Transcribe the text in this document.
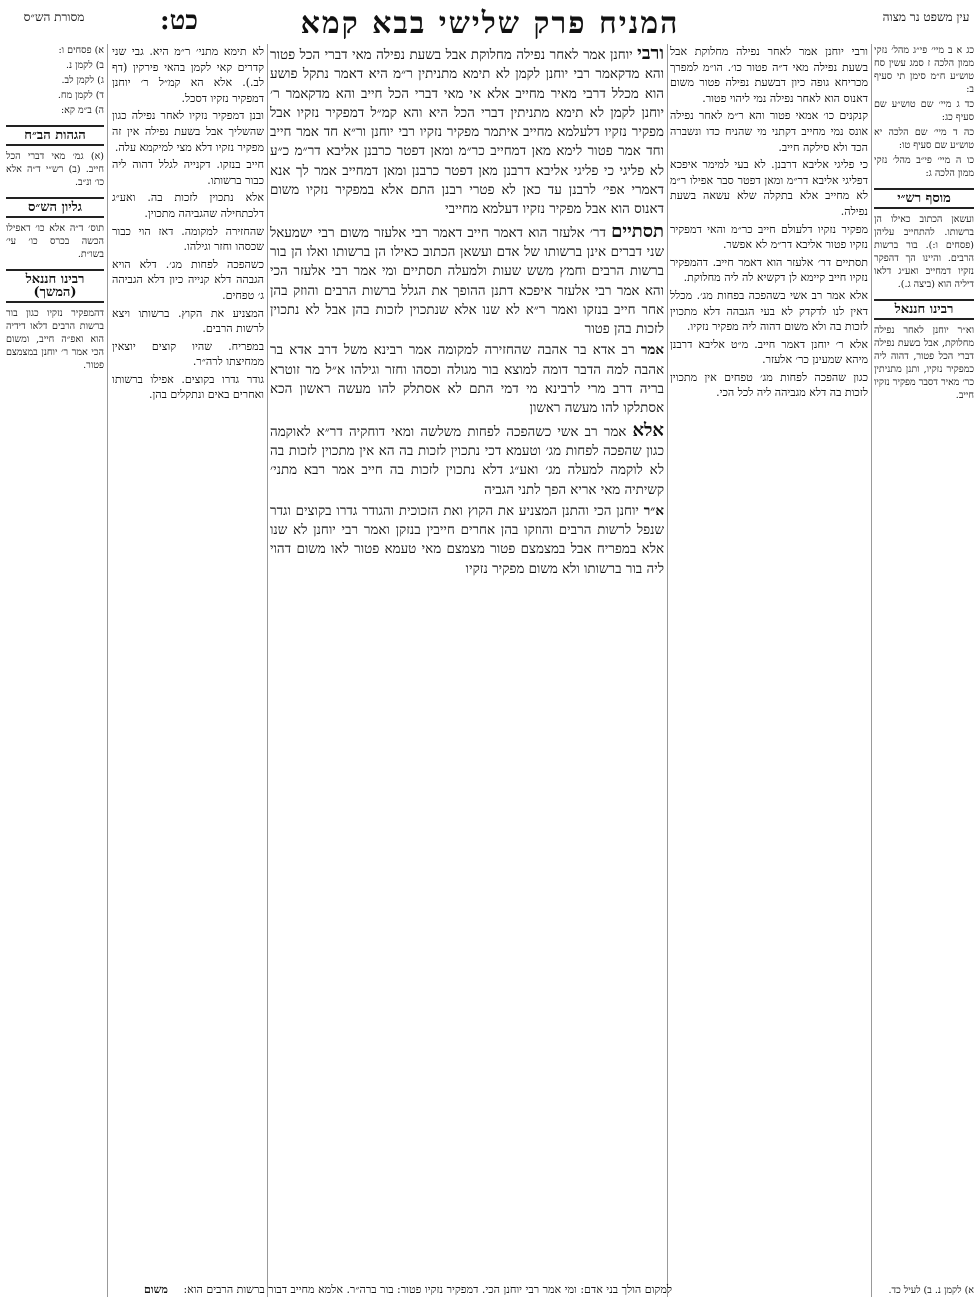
עין משפט נר מצוה
כט:	המניח פרק שלישי בבא קמא
מסורת הש״ס

כג א ב מיי׳ פי״ג מהל׳ נזקי ממון הלכה ז סמג עשין סח טוש״ע ח״מ סימן תי סעיף ב:

כד ג מיי׳ שם טוש״ע שם סעיף כג:

כה ד מיי׳ שם הלכה יא טוש״ע שם סעיף טו:

כו ה מיי׳ פי״ב מהל׳ נזקי ממון הלכה ג:

מוסף רש״י

ועשאן הכתוב כאילו הן ברשותו. להתחייב עליהן (פסחים ו:). בור ברשות הרבים. והיינו הך דהפקר נזקיו דמחייב ואע״ג דלאו דיליה הוא (ביצה ג.).

רבינו חננאל

וא״ר יוחנן לאחר נפילה מחלוקת, אבל בשעת נפילה דברי הכל פטור, דהוה ליה כמפקיר נזקיו, ותנן מתניתין כר׳ מאיר דסבר מפקיר נזקיו חייב.

ורבי יוחנן אמר לאחר נפילה מחלוקת אבל בשעת נפילה מאי ד״ה פטור כו׳. הו״מ למפרך מכריחא גופה כיון דבשעת נפילה פטור משום דאנוס הוא לאחר נפילה נמי ליהוי פטור.

קנקנים כו׳ אמאי פטור והא ר״מ לאחר נפילה אונס נמי מחייב דקתני מי שהניח כדו ונשברה הכד ולא סילקה חייב.

כי פליגי אליבא דרבנן. לא בעי למימר איפכא דפליגי אליבא דר״מ ומאן דפטר סבר אפילו ר״מ לא מחייב אלא בתקלה שלא עשאה בשעת נפילה.

מפקיר נזקיו דלעולם חייב כר״מ והאי דמפקיר נזקיו פטור אליבא דר״מ לא אפשר.

תסתיים דר׳ אלעזר הוא דאמר חייב. דהמפקיר נזקיו חייב קיימא לן דקשיא לה ליה מחלוקת.

אלא אמר רב אשי בשהפכה בפחות מג׳. מכלל דאין לנו לדקדק לא בעי הגבהה דלא מתכוין לזכות בה ולא משום דהוה ליה מפקיר נזקיו.

אלא ר׳ יוחנן דאמר חייב. מ״ט אליבא דרבנן מיהא שמעינן כר׳ אלעזר.

כגון שהפכה לפחות מג׳ טפחים אין מתכוין לזכות בה דלא מגביהה ליה לכל הכי.

ורבי יוחנן אמר לאחר נפילה מחלוקת אבל בשעת נפילה מאי דברי הכל פטור והא מדקאמר רבי יוחנן לקמן לא תימא מתניתין ר״מ היא דאמר נתקל פושע הוא מכלל דרבי מאיר מחייב אלא אי מאי דברי הכל חייב והא מדקאמר ר׳ יוחנן לקמן לא תימא מתניתין דברי הכל היא והא קמ״ל דמפקיר נזקיו אבל מפקיר נזקיו דלעלמא מחייב איתמר מפקיר נזקיו רבי יוחנן ור״א חד אמר חייב וחד אמר פטור לימא מאן דמחייב כר״מ ומאן דפטר כרבנן אליבא דר״מ כ״ע לא פליגי כי פליגי אליבא דרבנן מאן דפטר כרבנן ומאן דמחייב אמר לך אנא דאמרי אפי׳ לרבנן עד כאן לא פטרי רבנן התם אלא במפקיר נזקיו משום דאנוס הוא אבל מפקיר נזקיו דעלמא מחייבי

תסתיים דר׳ אלעזר הוא דאמר חייב דאמר רבי אלעזר משום רבי ישמעאל שני דברים אינן ברשותו של אדם ועשאן הכתוב כאילו הן ברשותו ואלו הן בור ברשות הרבים וחמץ משש שעות ולמעלה תסתיים ומי אמר רבי אלעזר הכי והא אמר רבי אלעזר איפכא דתנן ההופך את הגלל ברשות הרבים והוזק בהן אחר חייב בנזקו ואמר ר״א לא שנו אלא שנתכוין לזכות בהן אבל לא נתכוין לזכות בהן פטור

אמר רב אדא בר אהבה שהחזירה למקומה אמר רבינא משל דרב אדא בר אהבה למה הדבר דומה למוצא בור מגולה וכסהו וחזר וגילהו א״ל מר זוטרא בריה דרב מרי לרבינא מי דמי התם לא אסתלק להו מעשה ראשון הכא אסתלקו להו מעשה ראשון

אלא אמר רב אשי כשהפכה לפחות משלשה ומאי דוחקיה דר״א לאוקמה כגון שהפכה לפחות מג׳ וטעמא דכי נתכוין לזכות בה הא אין מתכוין לזכות בה לא לוקמה למעלה מג׳ ואע״ג דלא נתכוין לזכות בה חייב אמר רבא מתני׳ קשיתיה מאי אריא הפך לתני הגביה

א״ר יוחנן הכי והתנן המצניע את הקוץ ואת הזכוכית והגודר גדרו בקוצים וגדר שנפל לרשות הרבים והוזקו בהן אחרים חייבין בנזקן ואמר רבי יוחנן לא שנו אלא במפריח אבל במצמצם פטור מצמצם מאי טעמא פטור לאו משום דהוי ליה בור ברשותו ולא משום מפקיר נזקיו

לא תימא מתני׳ ר״מ היא. גבי שני קדרים קאי לקמן בהאי פירקין (דף לב.). אלא הא קמ״ל ר׳ יוחנן דמפקיר נזקיו דסכל.

ובנן דמפקיר נזקיו לאחר נפילה כגון שהשליך אבל בשעת נפילה אין זה מפקיר נזקיו דלא מצי למיקמא עלה.

חייב בנזקו. דקנייה לגלל דהוה ליה כבור ברשותו.

אלא נתכוין לזכות בה. ואע״ג דלכתחילה שהגביהה מתכוין.

שהחזירה למקומה. דאז הוי כבור שכסהו וחזר וגילהו.

כשהפכה לפחות מג׳. דלא הויא הגבהה דלא קנייה כיון דלא הגביהה ג׳ טפחים.

המצניע את הקוץ. ברשותו ויצא לרשות הרבים.

במפריח. שהיו קוצים יוצאין ממחיצתו לרה״ר.

גודר גדרו בקוצים. אפילו ברשותו ואחרים באים ונתקלים בהן.

א) פסחים ו:

ב) לקמן נ.

ג) לקמן לב.

ד) לקמן מח.

ה) ב״מ קא:

הגהות הב״ח

(א) גמ׳ מאי דברי הכל חייב. (ב) רש״י ד״ה אלא כו׳ ונ״ב.

גליון הש״ס

תוס׳ ד״ה אלא כו׳ דאפילו הכשה בכרס כו׳ עי׳ בשו״ת.

רבינו חננאל (המשך)

דהמפקיר נזקיו כגון בור ברשות הרבים דלאו דידיה הוא ואפ״ה חייב, ומשום הכי אמר ר׳ יוחנן במצמצם פטור.

למקום הולך בני אדם: ומי אמר רבי יוחנן הכי. דמפקיר נזקיו פטור: בור ברה״ר. אלמא מחייב דבור ברשות הרבים הוא: משום	א) לקמן נ. ב) לעיל כד.
